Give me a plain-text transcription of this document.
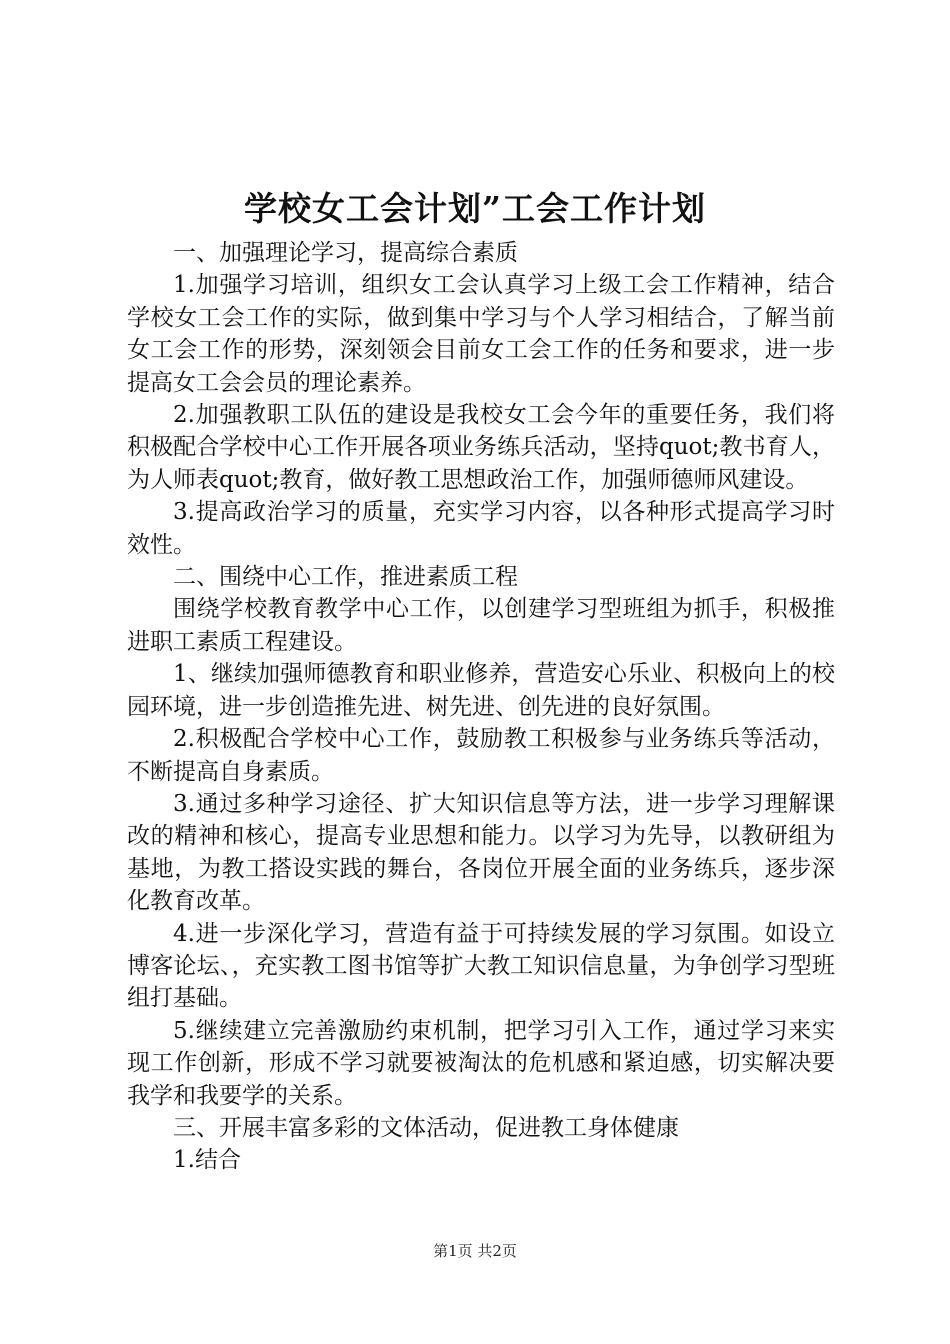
学校女工会计划”工会工作计划

一、加强理论学习，提高综合素质

1.加强学习培训，组织女工会认真学习上级工会工作精神，结合学校女工会工作的实际，做到集中学习与个人学习相结合，了解当前女工会工作的形势，深刻领会目前女工会工作的任务和要求，进一步提高女工会会员的理论素养。

2.加强教职工队伍的建设是我校女工会今年的重要任务，我们将积极配合学校中心工作开展各项业务练兵活动，坚持quot;教书育人，为人师表quot;教育，做好教工思想政治工作，加强师德师风建设。

3.提高政治学习的质量，充实学习内容，以各种形式提高学习时效性。

二、围绕中心工作，推进素质工程

围绕学校教育教学中心工作，以创建学习型班组为抓手，积极推进职工素质工程建设。

1、继续加强师德教育和职业修养，营造安心乐业、积极向上的校园环境，进一步创造推先进、树先进、创先进的良好氛围。

2.积极配合学校中心工作，鼓励教工积极参与业务练兵等活动，不断提高自身素质。

3.通过多种学习途径、扩大知识信息等方法，进一步学习理解课改的精神和核心，提高专业思想和能力。以学习为先导，以教研组为基地，为教工搭设实践的舞台，各岗位开展全面的业务练兵，逐步深化教育改革。

4.进一步深化学习，营造有益于可持续发展的学习氛围。如设立博客论坛、，充实教工图书馆等扩大教工知识信息量，为争创学习型班组打基础。

5.继续建立完善激励约束机制，把学习引入工作，通过学习来实现工作创新，形成不学习就要被淘汰的危机感和紧迫感，切实解决要我学和我要学的关系。

三、开展丰富多彩的文体活动，促进教工身体健康

1.结合

第1页 共2页
